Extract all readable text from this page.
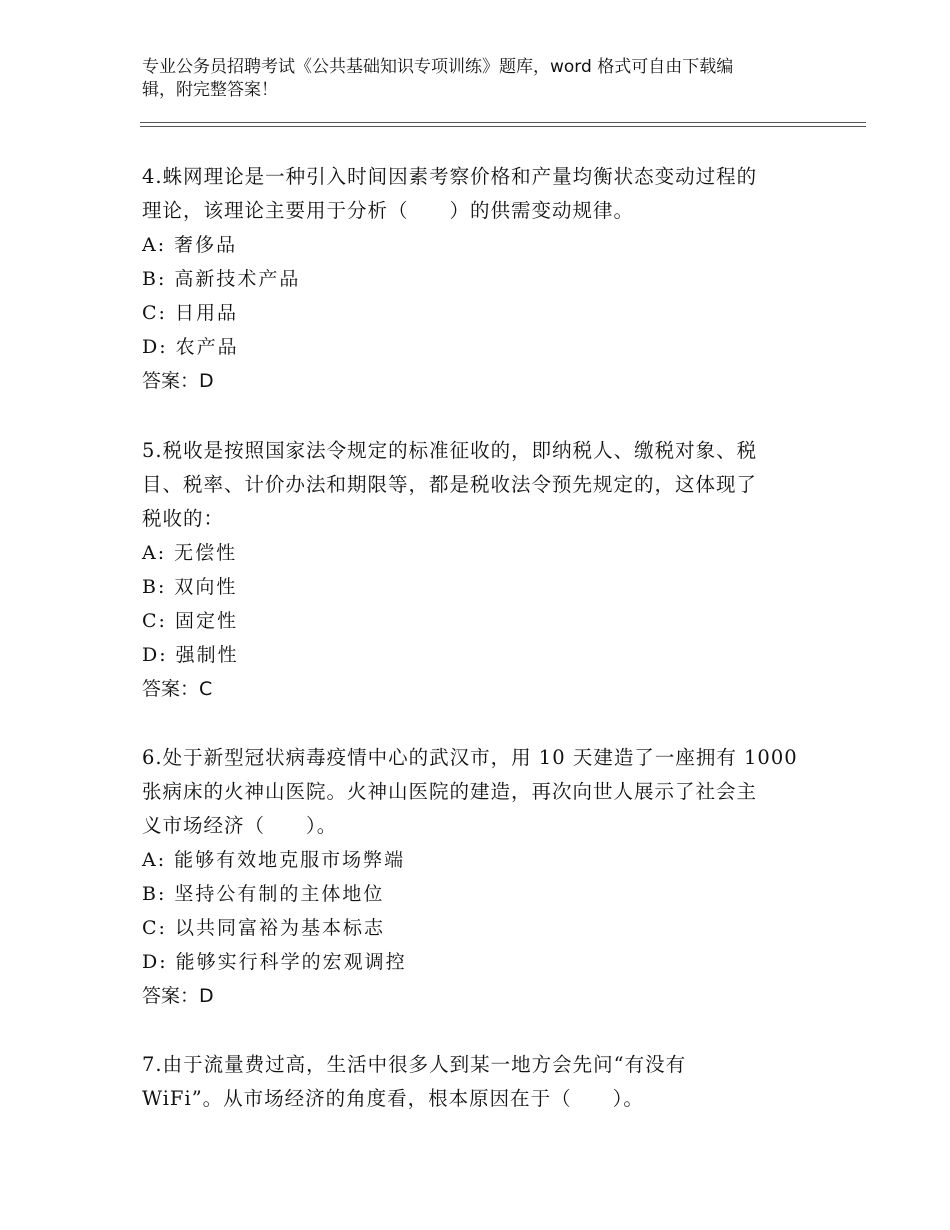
专业公务员招聘考试《公共基础知识专项训练》题库，word 格式可自由下载编
辑，附完整答案！

4.蛛网理论是一种引入时间因素考察价格和产量均衡状态变动过程的

理论，该理论主要用于分析（　　）的供需变动规律。

A: 奢侈品

B: 高新技术产品

C: 日用品

D: 农产品

答案：D

5.税收是按照国家法令规定的标准征收的，即纳税人、缴税对象、税

目、税率、计价办法和期限等，都是税收法令预先规定的，这体现了

税收的：

A: 无偿性

B: 双向性

C: 固定性

D: 强制性

答案：C

6.处于新型冠状病毒疫情中心的武汉市，用 10 天建造了一座拥有 1000

张病床的火神山医院。火神山医院的建造，再次向世人展示了社会主

义市场经济（　　）。

A: 能够有效地克服市场弊端

B: 坚持公有制的主体地位

C: 以共同富裕为基本标志

D: 能够实行科学的宏观调控

答案：D

7.由于流量费过高，生活中很多人到某一地方会先问“有没有

WiFi”。从市场经济的角度看，根本原因在于（　　）。
